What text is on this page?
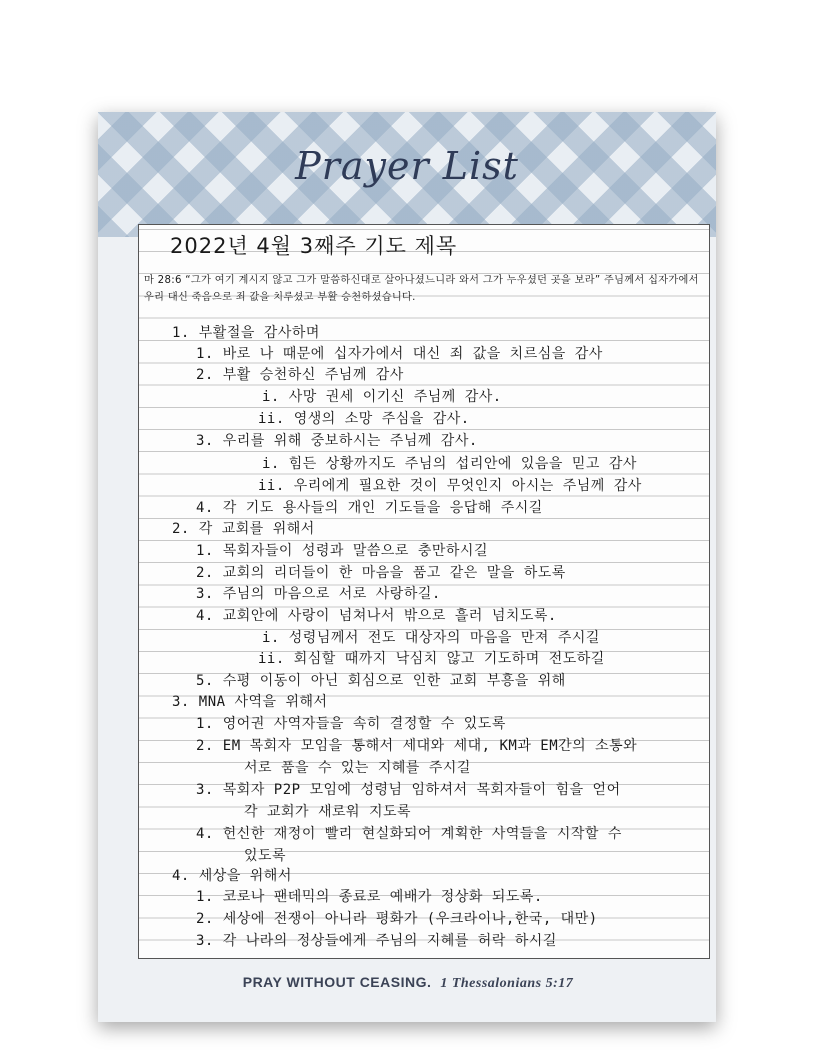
Prayer List
2022년 4월 3째주 기도 제목
마 28:6 “그가 여기 계시지 않고 그가 말씀하신대로 살아나셨느니라 와서 그가 누우셨던 곳을 보라” 주님께서 십자가에서 우리 대신 죽음으로 죄 값을 치루셨고 부활 승천하셨습니다.
1. 부활절을 감사하며
1. 바로 나 때문에 십자가에서 대신 죄 값을 치르심을 감사
2. 부활 승천하신 주님께 감사
i. 사망 권세 이기신 주님께 감사.
ii. 영생의 소망 주심을 감사.
3. 우리를 위해 중보하시는 주님께 감사.
i. 힘든 상황까지도 주님의 섭리안에 있음을 믿고 감사
ii. 우리에게 필요한 것이 무엇인지 아시는 주님께 감사
4. 각 기도 용사들의 개인 기도들을 응답해 주시길
2. 각 교회를 위해서
1. 목회자들이 성령과 말씀으로 충만하시길
2. 교회의 리더들이 한 마음을 품고 같은 말을 하도록
3. 주님의 마음으로 서로 사랑하길.
4. 교회안에 사랑이 넘쳐나서 밖으로 흘러 넘치도록.
i. 성령님께서 전도 대상자의 마음을 만져 주시길
ii. 회심할 때까지 낙심치 않고 기도하며 전도하길
5. 수평 이동이 아닌 회심으로 인한 교회 부흥을 위해
3. MNA 사역을 위해서
1. 영어권 사역자들을 속히 결정할 수 있도록
2. EM 목회자 모임을 통해서 세대와 세대, KM과 EM간의 소통와
서로 품을 수 있는 지혜를 주시길
3. 목회자 P2P 모임에 성령님 임하셔서 목회자들이 힘을 얻어
각 교회가 새로워 지도록
4. 헌신한 재정이 빨리 현실화되어 계획한 사역들을 시작할 수
있도록
4. 세상을 위해서
1. 코로나 팬데믹의 종료로 예배가 정상화 되도록.
2. 세상에 전쟁이 아니라 평화가 (우크라이나,한국, 대만)
3. 각 나라의 정상들에게 주님의 지혜를 허락 하시길
PRAY WITHOUT CEASING. 1 Thessalonians 5:17
